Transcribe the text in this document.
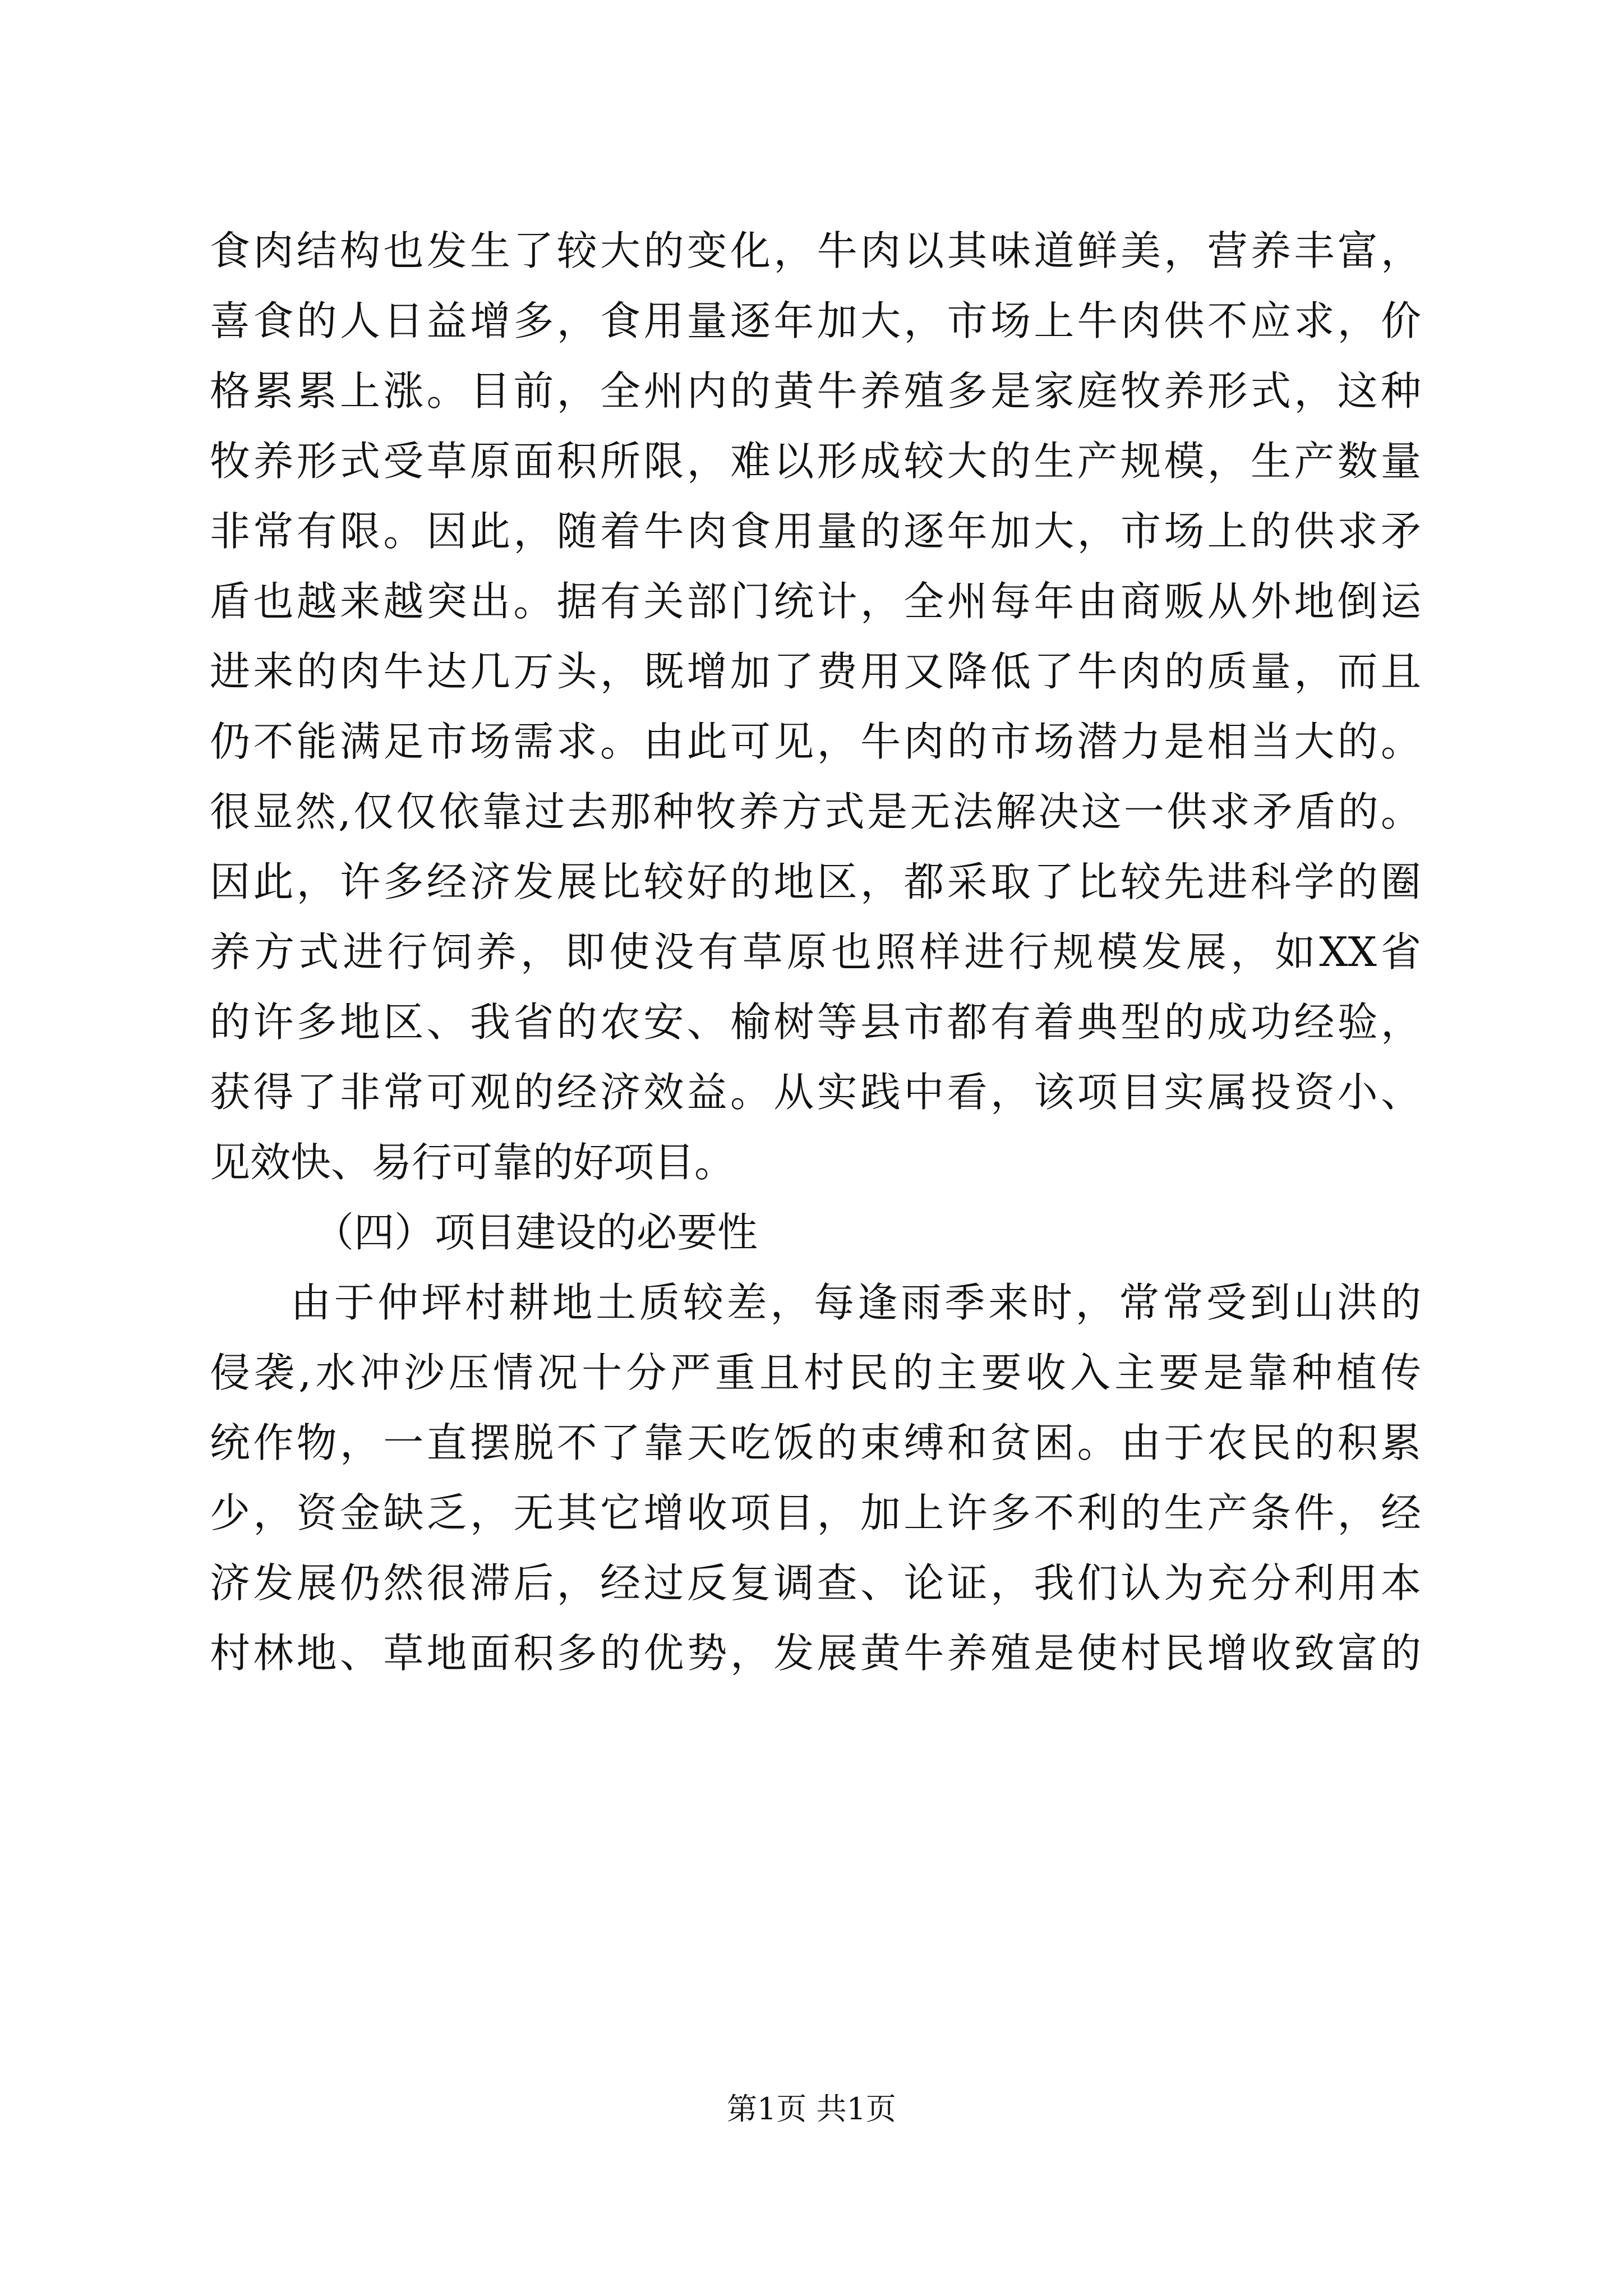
食肉结构也发生了较大的变化，牛肉以其味道鲜美，营养丰富，
喜食的人日益增多，食用量逐年加大，市场上牛肉供不应求，价
格累累上涨。目前，全州内的黄牛养殖多是家庭牧养形式，这种
牧养形式受草原面积所限，难以形成较大的生产规模，生产数量
非常有限。因此，随着牛肉食用量的逐年加大，市场上的供求矛
盾也越来越突出。据有关部门统计，全州每年由商贩从外地倒运
进来的肉牛达几万头，既增加了费用又降低了牛肉的质量，而且
仍不能满足市场需求。由此可见，牛肉的市场潜力是相当大的。
很显然,仅仅依靠过去那种牧养方式是无法解决这一供求矛盾的。
因此，许多经济发展比较好的地区，都采取了比较先进科学的圈
养方式进行饲养，即使没有草原也照样进行规模发展，如XX省
的许多地区、我省的农安、榆树等县市都有着典型的成功经验，
获得了非常可观的经济效益。从实践中看，该项目实属投资小、
见效快、易行可靠的好项目。
（四）项目建设的必要性
由于仲坪村耕地土质较差，每逢雨季来时，常常受到山洪的
侵袭,水冲沙压情况十分严重且村民的主要收入主要是靠种植传
统作物，一直摆脱不了靠天吃饭的束缚和贫困。由于农民的积累
少，资金缺乏，无其它增收项目，加上许多不利的生产条件，经
济发展仍然很滞后，经过反复调查、论证，我们认为充分利用本
村林地、草地面积多的优势，发展黄牛养殖是使村民增收致富的
第1页 共1页
